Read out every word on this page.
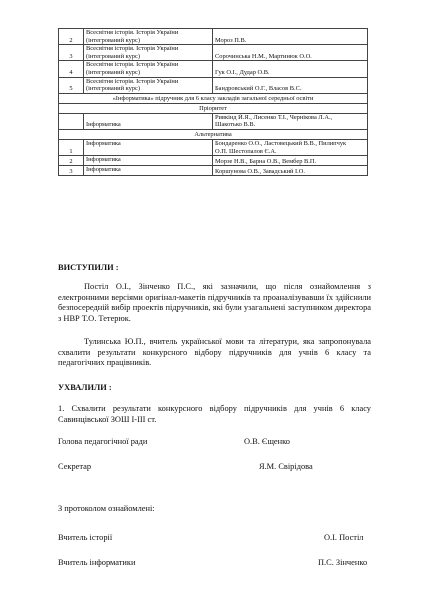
2	Всесвітня історія. Історія України
(інтегрований курс)	Мороз П.В.
3	Всесвітня історія. Історія України
(інтегрований курс)	Сорочинська Н.М., Мартинюк О.О.
4	Всесвітня історія. Історія України
(інтегрований курс)	Гук О.І., Дудар О.В.
5	Всесвітня історія. Історія України
(інтегрований курс)	Бандровський О.Г., Власов В.С.
«Інформатика» підручник для 6 класу закладів загальної середньої освіти		
Пріоритет		
	Інформатика	Ривкінд Й.Я., Лисенко Т.І., Чернікова Л.А.,
Шакотько В.В.
Альтернатива		
1	Інформатика	Бондаренко О.О., Ластовецький В.В., Пилипчук
О.П. Шестопалов Є.А.
2	Інформатика	Морзе Н.В., Барна О.В., Вембер В.П.
3	Інформатика	Коршунова О.В., Завадський І.О.

ВИСТУПИЛИ :

Постіл О.І., Зінченко П.С., які зазначили, що після ознайомлення з електронними версіями оригінал-макетів підручників та проаналізувавши їх здійснили безпосередній вибір проектів підручників, які були узагальнені заступником директора з НВР Т.О. Тетерюк.

Тулинська Ю.П., вчитель української мови та літератури, яка запропонувала схвалити результати конкурсного відбору підручників для учнів 6 класу та педагогічних працівників.

УХВАЛИЛИ :

1. Схвалити результати конкурсного відбору підручників для учнів 6 класу Савинцівської ЗОШ І-ІІІ ст.

Голова педагогічної ради	О.В. Єщенко

Секретар	Я.М. Свірідова

З протоколом ознайомлені:

Вчитель історії	О.І. Постіл

Вчитель інформатики	П.С. Зінченко
